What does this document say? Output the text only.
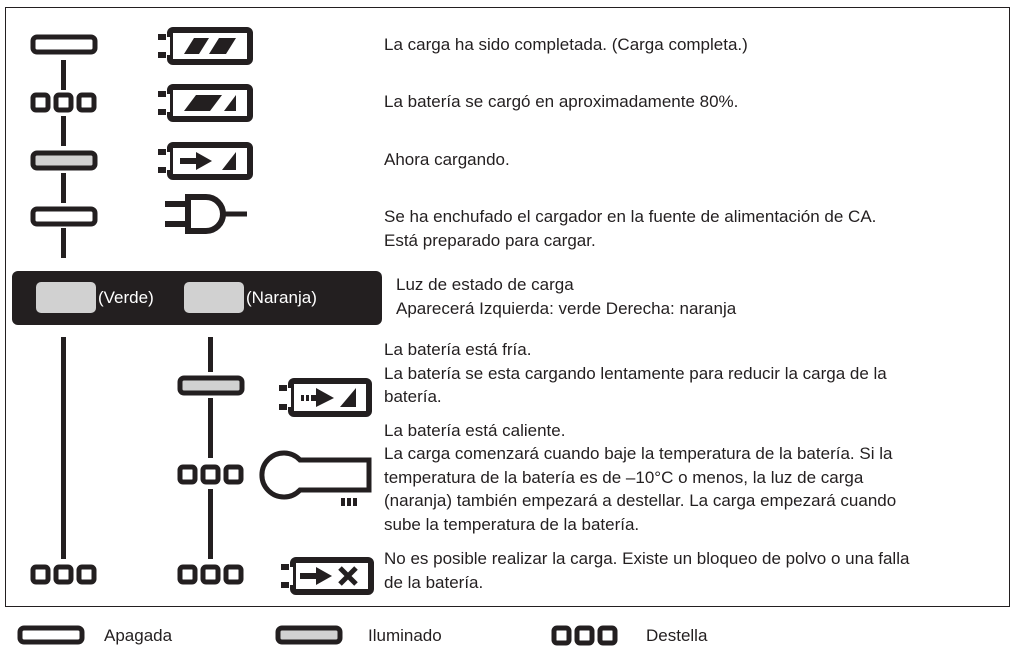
La carga ha sido completada. (Carga completa.)
La batería se cargó en aproximadamente 80%.
Ahora cargando.
Se ha enchufado el cargador en la fuente de alimentación de CA.
Está preparado para cargar.
(Verde)	(Naranja)
Luz de estado de carga
Aparecerá Izquierda: verde Derecha: naranja
La batería está fría.
La batería se esta cargando lentamente para reducir la carga de la
batería.
La batería está caliente.
La carga comenzará cuando baje la temperatura de la batería. Si la
temperatura de la batería es de –10°C o menos, la luz de carga
(naranja) también empezará a destellar. La carga empezará cuando
sube la temperatura de la batería.
No es posible realizar la carga. Existe un bloqueo de polvo o una falla
de la batería.
Apagada	Iluminado	Destella
